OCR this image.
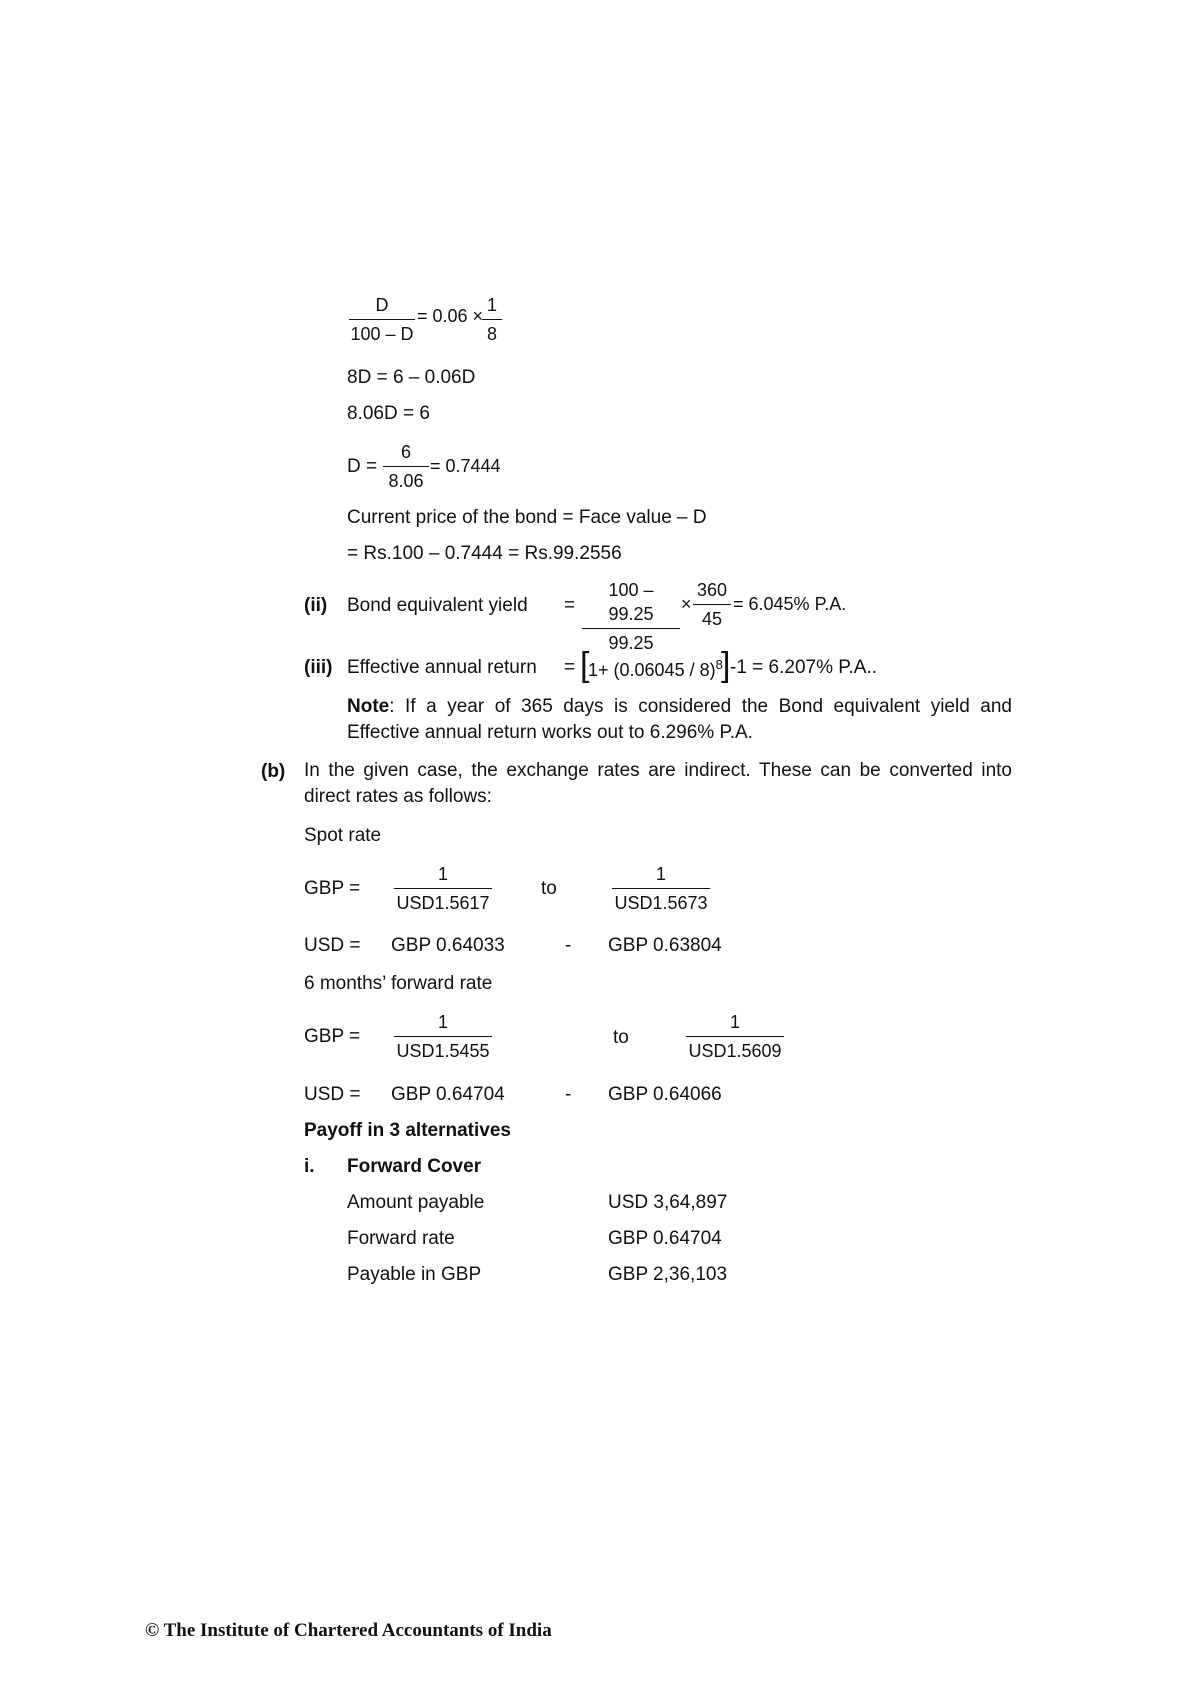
$\frac{D}{100 - D} = 0.06$ ×
$\frac{1}{8}$
8D = 6 – 0.06D
8.06D = 6
$D = \frac{6}{8.06} = 0.7444$
Current price of the bond = Face value – D
= Rs.100 – 0.7444 = Rs.99.2556
(ii) Bond equivalent yield = $\frac{100 - 99.25}{99.25} \times \frac{360}{45} = 6.045\%$ P.A.
(iii) Effective annual return = [
1+ (0.06045 / 8)$^8$
] -1 = 6.207% P.A..
Note: If a year of 365 days is considered the Bond equivalent yield and Effective annual return works out to 6.296% P.A.
(b) In the given case, the exchange rates are indirect. These can be converted into direct rates as follows:
Spot rate
GBP =
1
USD1.5617
to
1
USD1.5673
USD = GBP 0.64033	- GBP 0.63804
6 months’ forward rate
GBP =
1
USD1.5455
to
1
USD1.5609
USD = GBP 0.64704	- GBP 0.64066
Payoff in 3 alternatives
i. Forward Cover
Amount payable	USD 3,64,897
Forward rate	GBP 0.64704
Payable in GBP	GBP 2,36,103
© The Institute of Chartered Accountants of India
